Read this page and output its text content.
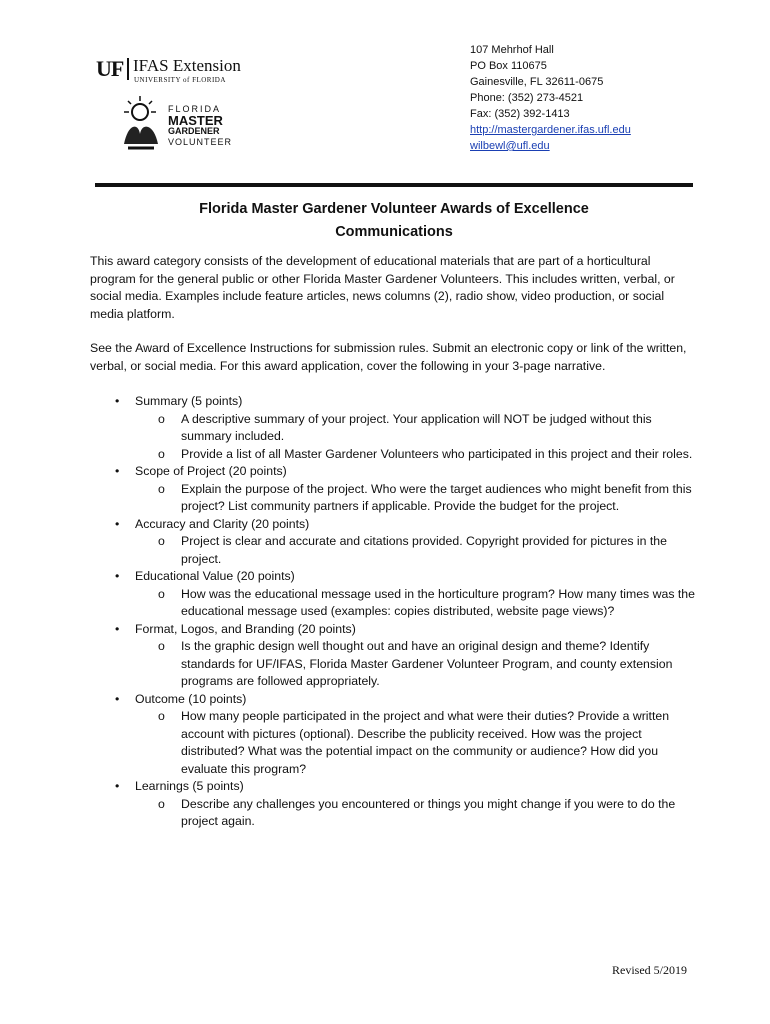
UF IFAS Extension
UNIVERSITY of FLORIDA
FLORIDA
MASTER
GARDENER
VOLUNTEER
107 Mehrhof Hall
PO Box 110675
Gainesville, FL 32611-0675
Phone: (352) 273-4521
Fax: (352) 392-1413
http://mastergardener.ifas.ufl.edu
wilbewl@ufl.edu
Florida Master Gardener Volunteer Awards of Excellence
Communications
This award category consists of the development of educational materials that are part of a horticultural program for the general public or other Florida Master Gardener Volunteers. This includes written, verbal, or social media. Examples include feature articles, news columns (2), radio show, video production, or social media platform.
See the Award of Excellence Instructions for submission rules. Submit an electronic copy or link of the written, verbal, or social media. For this award application, cover the following in your 3-page narrative.
• Summary (5 points)
o A descriptive summary of your project. Your application will NOT be judged without this summary included.
o Provide a list of all Master Gardener Volunteers who participated in this project and their roles.
• Scope of Project (20 points)
o Explain the purpose of the project. Who were the target audiences who might benefit from this project? List community partners if applicable. Provide the budget for the project.
• Accuracy and Clarity (20 points)
o Project is clear and accurate and citations provided. Copyright provided for pictures in the project.
• Educational Value (20 points)
o How was the educational message used in the horticulture program? How many times was the educational message used (examples: copies distributed, website page views)?
• Format, Logos, and Branding (20 points)
o Is the graphic design well thought out and have an original design and theme? Identify standards for UF/IFAS, Florida Master Gardener Volunteer Program, and county extension programs are followed appropriately.
• Outcome (10 points)
o How many people participated in the project and what were their duties? Provide a written account with pictures (optional). Describe the publicity received. How was the project distributed? What was the potential impact on the community or audience? How did you evaluate this program?
• Learnings (5 points)
o Describe any challenges you encountered or things you might change if you were to do the project again.
Revised 5/2019
